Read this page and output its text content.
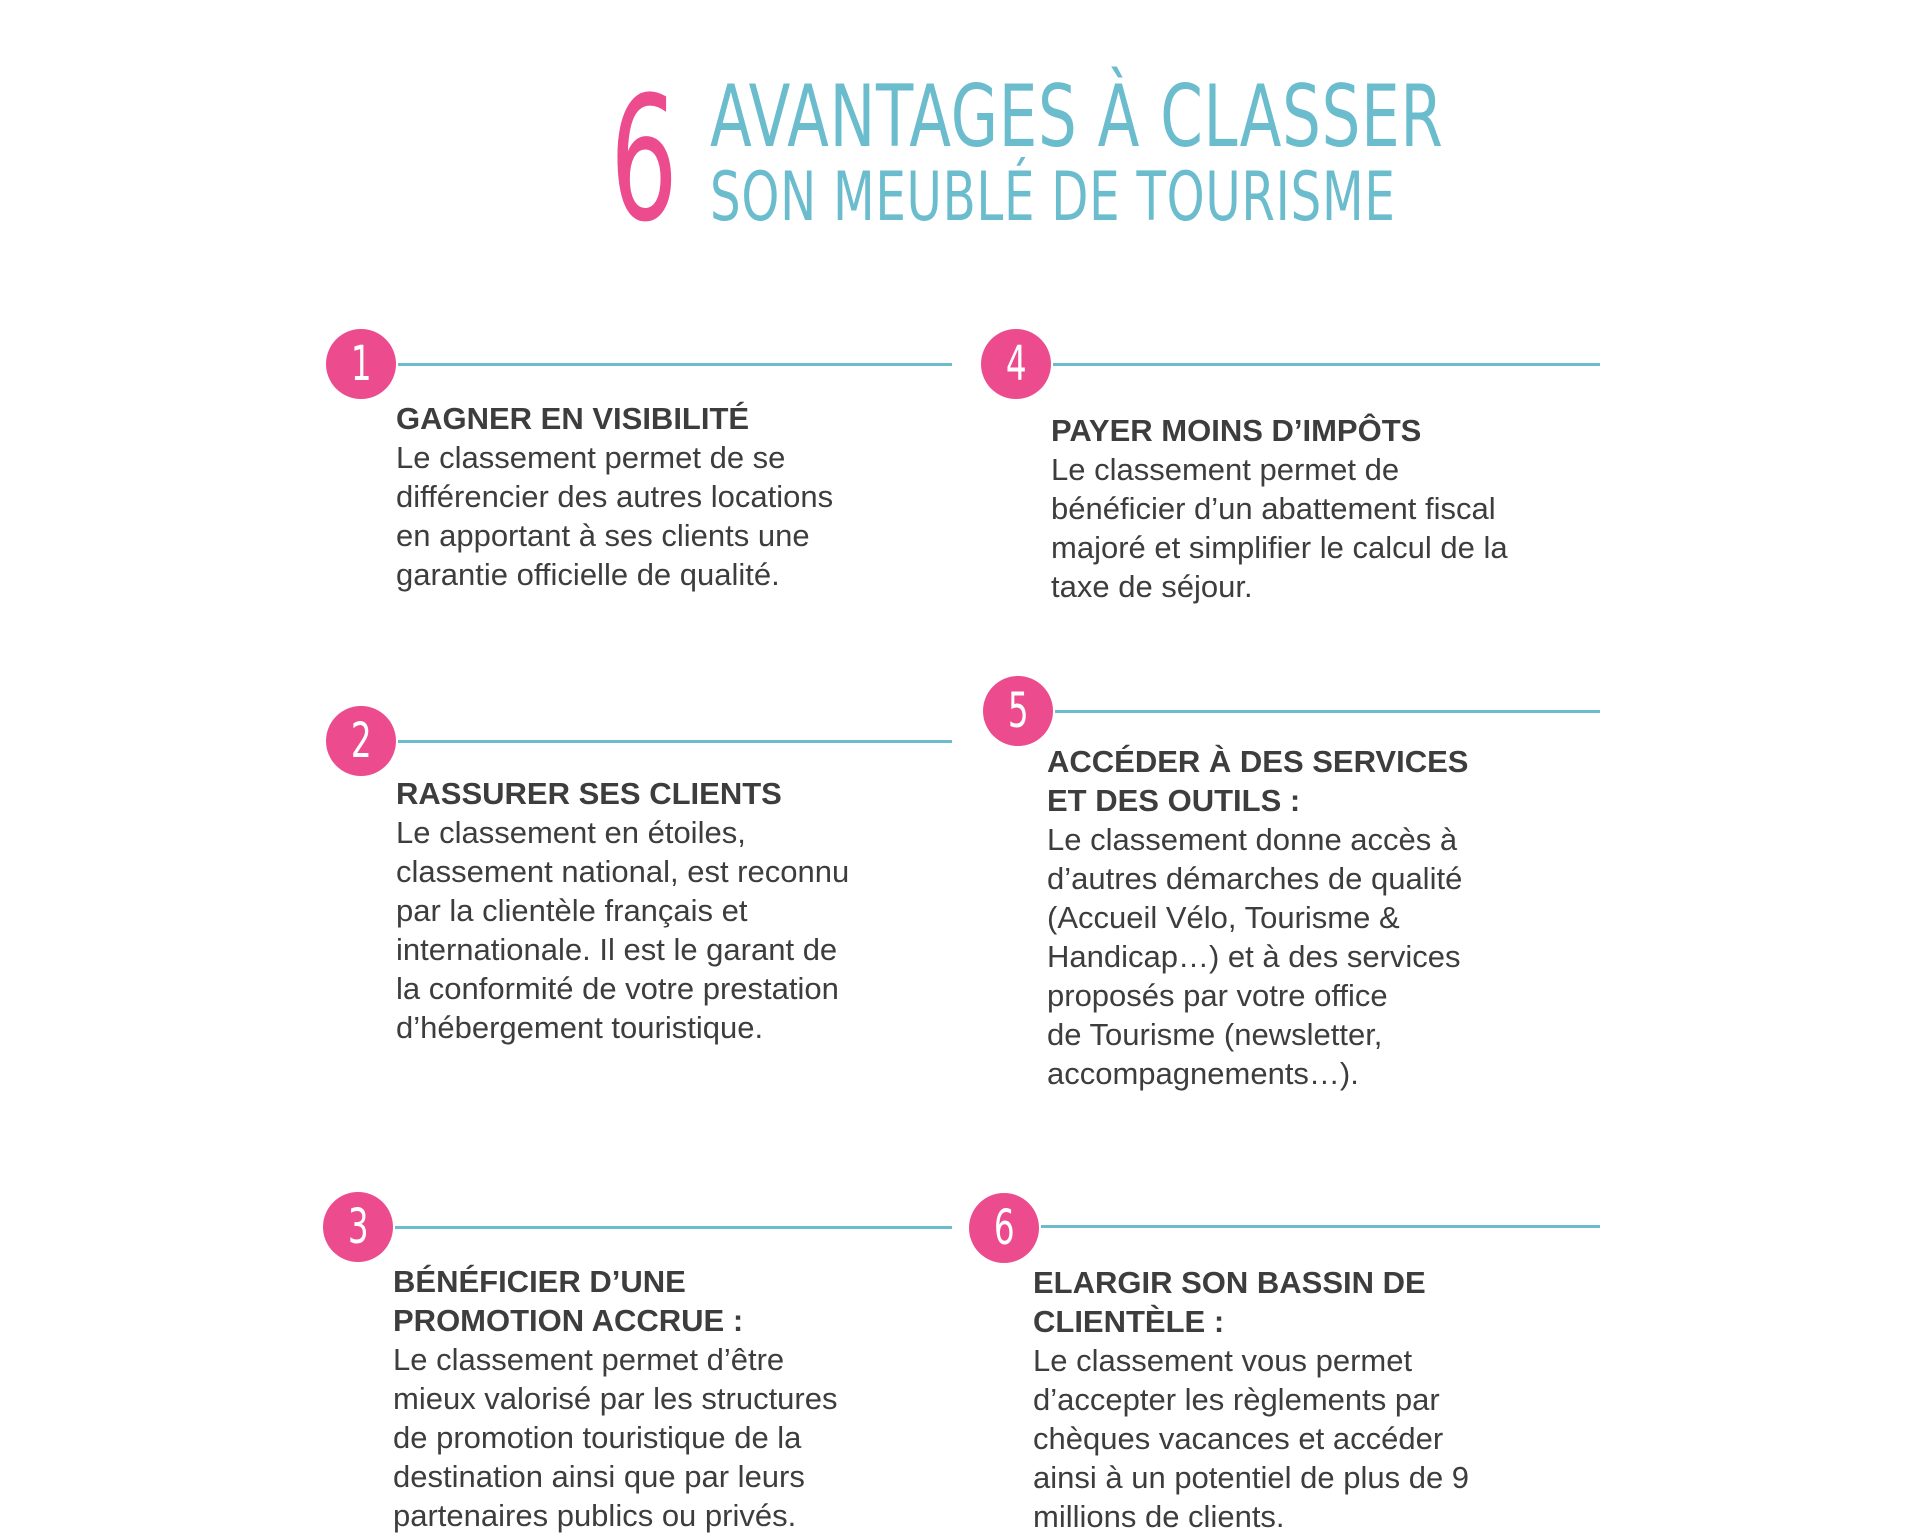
6 AVANTAGES À CLASSER
SON MEUBLÉ DE TOURISME
1

GAGNER EN VISIBILITÉ

Le classement permet de se
différencier des autres locations
en apportant à ses clients une
garantie officielle de qualité.

2

RASSURER SES CLIENTS

Le classement en étoiles,
classement national, est reconnu
par la clientèle français et
internationale. Il est le garant de
la conformité de votre prestation
d’hébergement touristique.

3

BÉNÉFICIER D’UNE
PROMOTION ACCRUE :

Le classement permet d’être
mieux valorisé par les structures
de promotion touristique de la
destination ainsi que par leurs
partenaires publics ou privés.

4

PAYER MOINS D’IMPÔTS

Le classement permet de
bénéficier d’un abattement fiscal
majoré et simplifier le calcul de la
taxe de séjour.

5

ACCÉDER À DES SERVICES
ET DES OUTILS :

Le classement donne accès à
d’autres démarches de qualité
(Accueil Vélo, Tourisme &
Handicap…) et à des services
proposés par votre office
de Tourisme (newsletter,
accompagnements…).

6

ELARGIR SON BASSIN DE
CLIENTÈLE :

Le classement vous permet
d’accepter les règlements par
chèques vacances et accéder
ainsi à un potentiel de plus de 9
millions de clients.
